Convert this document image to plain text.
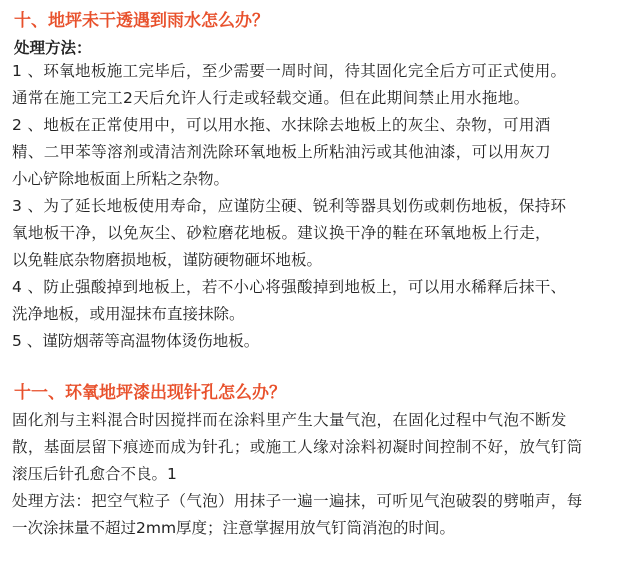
十、地坪未干透遇到雨水怎么办？
处理方法：
1 、环氧地板施工完毕后，至少需要一周时间，待其固化完全后方可正式使用。
通常在施工完工2天后允许人行走或轻载交通。但在此期间禁止用水拖地。
2 、地板在正常使用中，可以用水拖、水抹除去地板上的灰尘、杂物，可用酒
精、二甲苯等溶剂或清洁剂洗除环氧地板上所粘油污或其他油漆，可以用灰刀
小心铲除地板面上所粘之杂物。
3 、为了延长地板使用寿命，应谨防尘硬、锐利等器具划伤或刺伤地板，保持环
氧地板干净，以免灰尘、砂粒磨花地板。建议换干净的鞋在环氧地板上行走，
以免鞋底杂物磨损地板，谨防硬物砸坏地板。
4 、防止强酸掉到地板上，若不小心将强酸掉到地板上，可以用水稀释后抹干、
洗净地板，或用湿抹布直接抹除。
5 、谨防烟蒂等高温物体烫伤地板。
十一、环氧地坪漆出现针孔怎么办？
固化剂与主料混合时因搅拌而在涂料里产生大量气泡，在固化过程中气泡不断发
散，基面层留下痕迹而成为针孔；或施工人缘对涂料初凝时间控制不好，放气钉筒
滚压后针孔愈合不良。1
处理方法：把空气粒子（气泡）用抹子一遍一遍抹，可听见气泡破裂的劈啪声，每
一次涂抹量不超过2mm厚度；注意掌握用放气钉筒消泡的时间。
